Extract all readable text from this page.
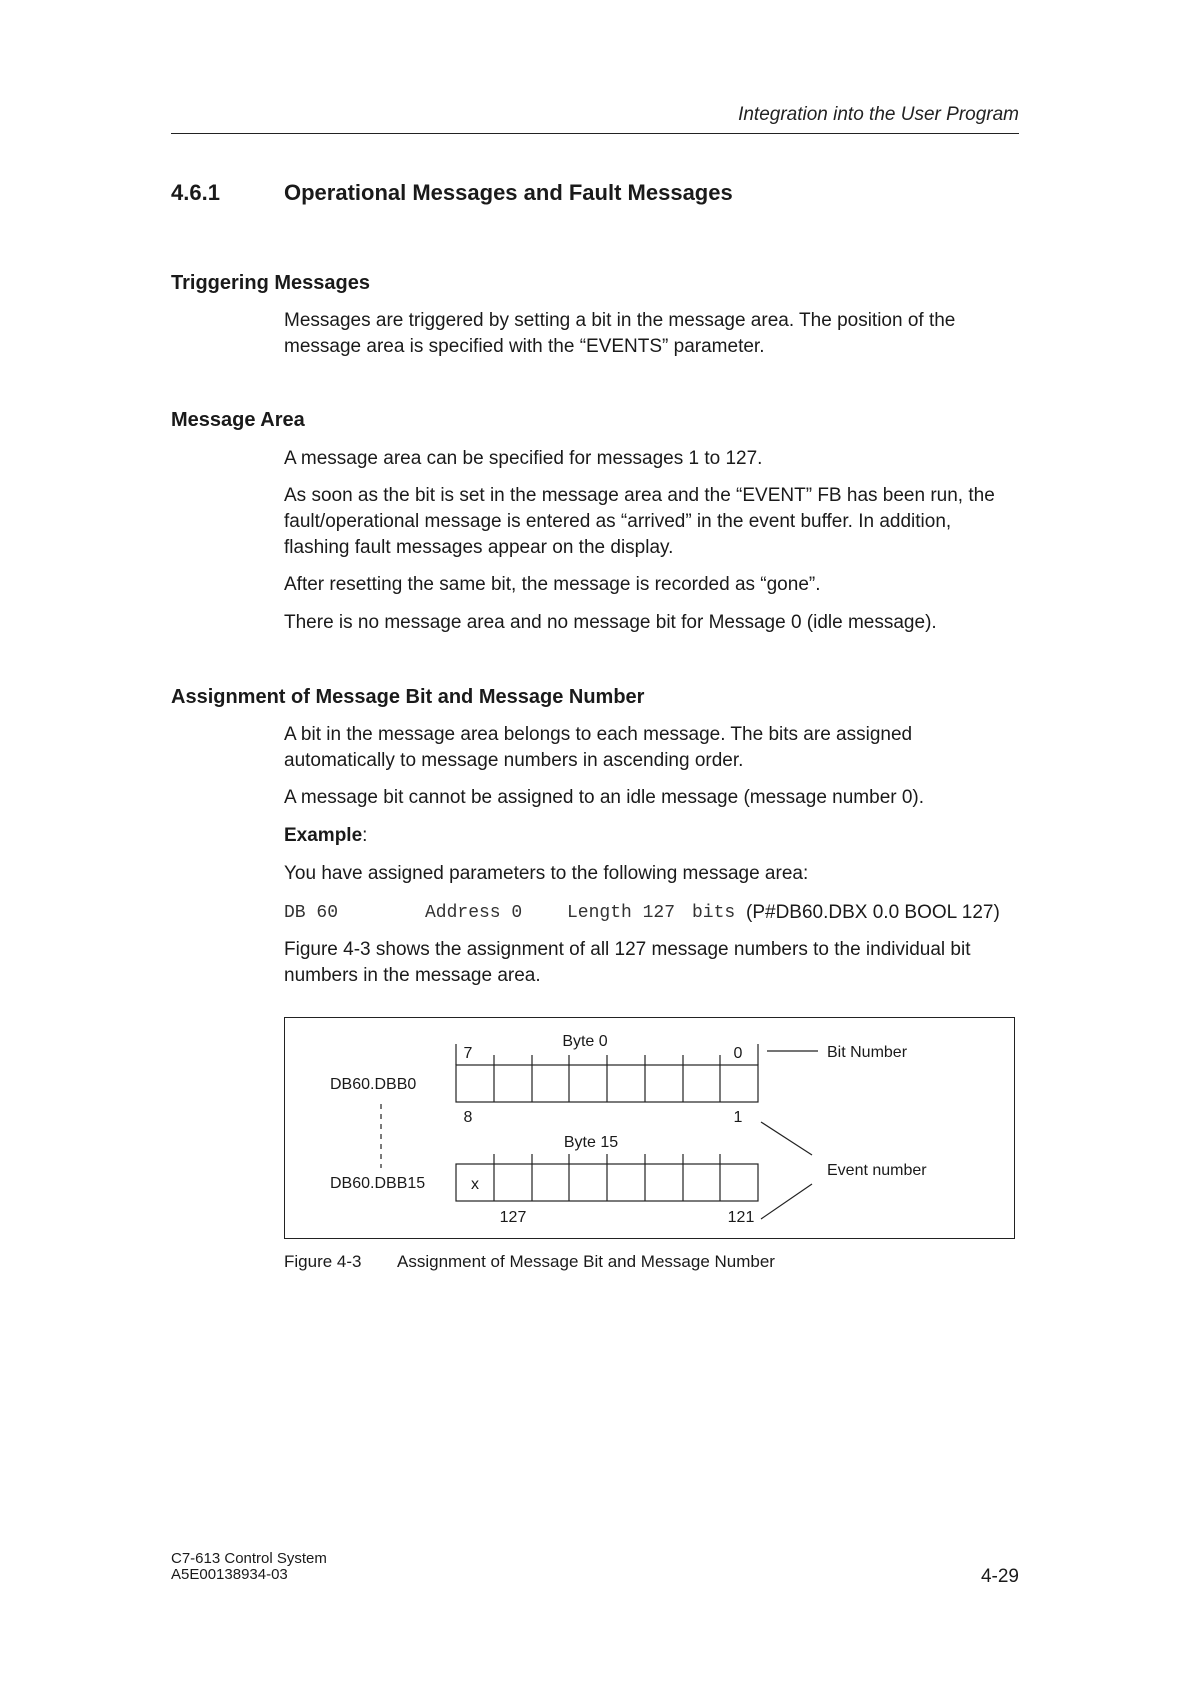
Integration into the User Program
4.6.1	Operational Messages and Fault Messages
Triggering Messages

Messages are triggered by setting a bit in the message area. The position of the message area is specified with the “EVENTS” parameter.

Message Area
A message area can be specified for messages 1 to 127.
As soon as the bit is set in the message area and the “EVENT” FB has been run, the fault/operational message is entered as “arrived” in the event buffer. In addition, flashing fault messages appear on the display.
After resetting the same bit, the message is recorded as “gone”.
There is no message area and no message bit for Message 0 (idle message).
Assignment of Message Bit and Message Number
A bit in the message area belongs to each message. The bits are assigned automatically to message numbers in ascending order.
A message bit cannot be assigned to an idle message (message number 0).
Example:
You have assigned parameters to the following message area:
DB 60	Address 0 Length 127 bits (P#DB60.DBX 0.0 BOOL 127)
Figure 4-3 shows the assignment of all 127 message numbers to the individual bit numbers in the message area.
Byte 0
7	0	Bit Number
DB60.DBB0
8	1
Byte 15
Event number
DB60.DBB15	x
127	121
Figure 4-3 Assignment of Message Bit and Message Number
C7-613 Control System
A5E00138934-03	4-29
